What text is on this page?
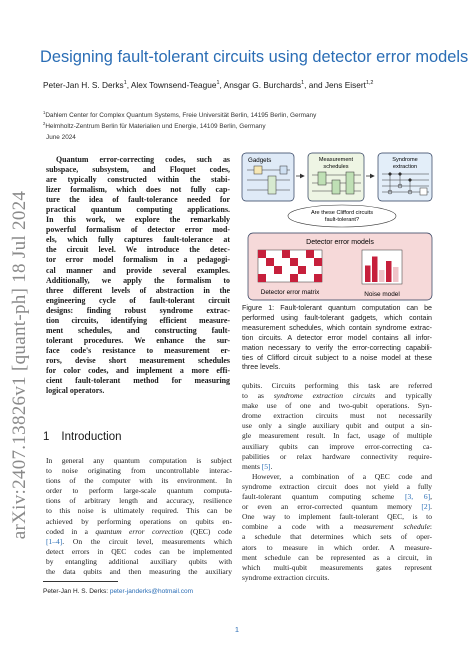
arXiv:2407.13826v1 [quant-ph] 18 Jul 2024
Designing fault-tolerant circuits using detector error models
Peter-Jan H. S. Derks$^1$, Alex Townsend-Teague$^1$, Ansgar G. Burchards$^1$, and Jens Eisert$^{1,2}$
$^1$Dahlem Center for Complex Quantum Systems, Freie Universität Berlin, 14195 Berlin, Germany
$^2$Helmholtz-Zentrum Berlin für Materialien und Energie, 14109 Berlin, Germany
June 2024
Quantum error-correcting codes, such as
subspace, subsystem, and Floquet codes,
are typically constructed within the stabi-
lizer formalism, which does not fully cap-
ture the idea of fault-tolerance needed for
practical quantum computing applications.
In this work, we explore the remarkably
powerful formalism of detector error mod-
els, which fully captures fault-tolerance at
the circuit level. We introduce the detec-
tor error model formalism in a pedagogi-
cal manner and provide several examples.
Additionally, we apply the formalism to
three different levels of abstraction in the
engineering cycle of fault-tolerant circuit
designs: finding robust syndrome extrac-
tion circuits, identifying efficient measure-
ment schedules, and constructing fault-
tolerant procedures. We enhance the sur-
face code's resistance to measurement er-
rors, devise short measurement schedules
for color codes, and implement a more effi-
cient fault-tolerant method for measuring
logical operators.
Gadgets	Measurement
schedules
Syndrome
extraction
Are these Clifford circuits
fault-tolerant?
Detector error models
Detector error matrix	Noise model
Figure 1: Fault-tolerant quantum computation can be
performed using fault-tolerant gadgets, which contain
measurement schedules, which contain syndrome extrac-
tion circuits. A detector error model contains all infor-
mation necessary to verify the error-correcting capabili-
ties of Clifford circuit subject to a noise model at these
three levels.
1 Introduction
In general any quantum computation is subject
to noise originating from uncontrollable interac-
tions of the computer with its environment. In
order to perform large-scale quantum computa-
tions of arbitrary length and accuracy, resilience
to this noise is ultimately required. This can be
achieved by performing operations on qubits en-
coded in a quantum error correction (QEC) code
[1–4]. On the circuit level, measurements which
detect errors in QEC codes can be implemented
by entangling additional auxiliary qubits with
the data qubits and then measuring the auxiliary
qubits. Circuits performing this task are referred
to as syndrome extraction circuits and typically
make use of one and two-qubit operations. Syn-
drome extraction circuits must not necessarily
use only a single auxiliary qubit and output a sin-
gle measurement result. In fact, usage of multiple
auxiliary qubits can improve error-correcting ca-
pabilities or relax hardware connectivity require-
ments [5].
However, a combination of a QEC code and
syndrome extraction circuit does not yield a fully
fault-tolerant quantum computing scheme [3, 6],
or even an error-corrected quantum memory [2].
One way to implement fault-tolerant QEC, is to
combine a code with a measurement schedule:
a schedule that determines which sets of oper-
ators to measure in which order. A measure-
ment schedule can be represented as a circuit, in
which multi-qubit measurements gates represent
syndrome extraction circuits.
Peter-Jan H. S. Derks: peter-janderks@hotmail.com
1
